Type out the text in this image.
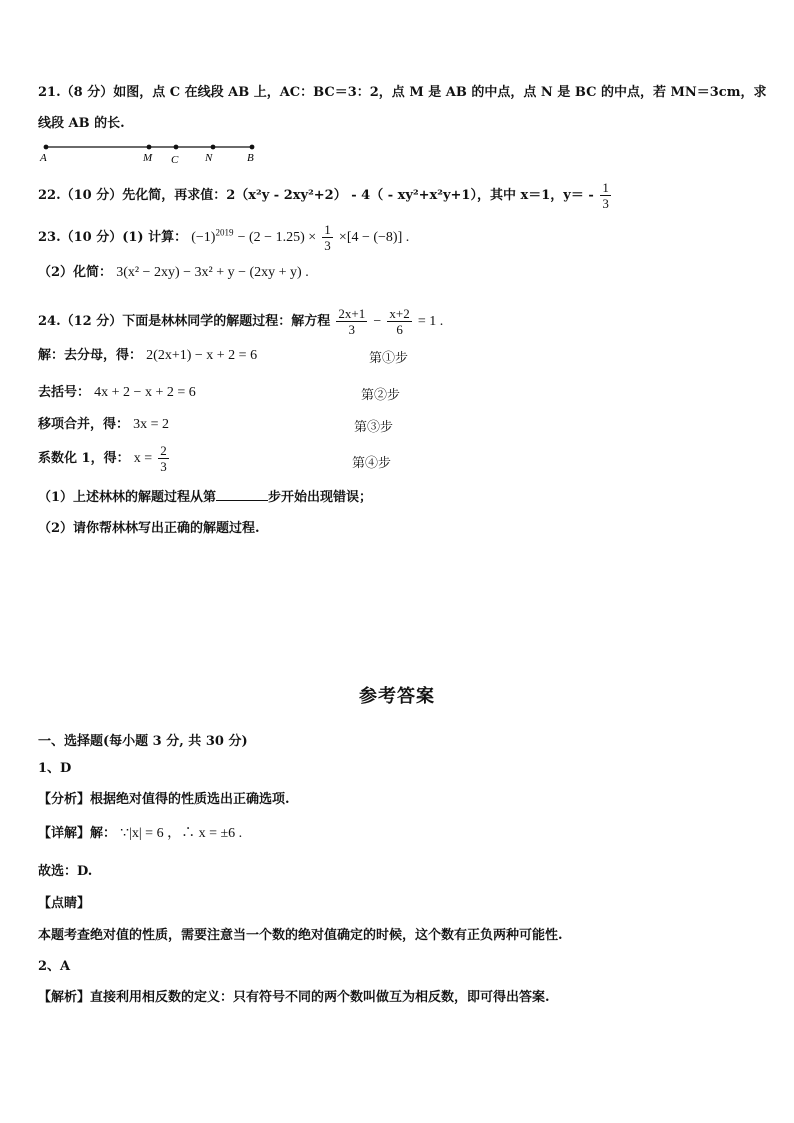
21.（8 分）如图，点 C 在线段 AB 上，AC：BC＝3：2，点 M 是 AB 的中点，点 N 是 BC 的中点，若 MN＝3cm，求
线段 AB 的长.
A	M C N	B
22.（10 分）先化简，再求值：2（x²y - 2xy²+2） - 4（ - xy²+x²y+1），其中 x＝1，$y= - \frac{1}{3}$
23.（10 分）(1) 计算： $(-1)^{2019} - (2 - 1.25) \times \frac{1}{3} \times[4 - (-8)]$ .
（2）化简： 3(x² − 2xy) − 3x² + y − (2xy + y) .
24.（12 分）下面是林林同学的解题过程：解方程 $\frac{2x+1}{3} - \frac{x+2}{6} = 1$ .
解：去分母，得： 2(2x+1) − x + 2 = 6	第①步
去括号： 4x + 2 − x + 2 = 6	第②步
移项合并，得： 3x = 2	第③步
系数化 1，得： $x = \frac{2}{3}$	第④步
（1）上述林林的解题过程从第	步开始出现错误；
（2）请你帮林林写出正确的解题过程.
参考答案
一、选择题(每小题 3 分, 共 30 分)
1、D
【分析】根据绝对值得的性质选出正确选项.
【详解】解： ∵|x| = 6 ，∴ x = ±6 .
故选：D.
【点睛】
本题考查绝对值的性质，需要注意当一个数的绝对值确定的时候，这个数有正负两种可能性.
2、A
【解析】直接利用相反数的定义：只有符号不同的两个数叫做互为相反数，即可得出答案.
